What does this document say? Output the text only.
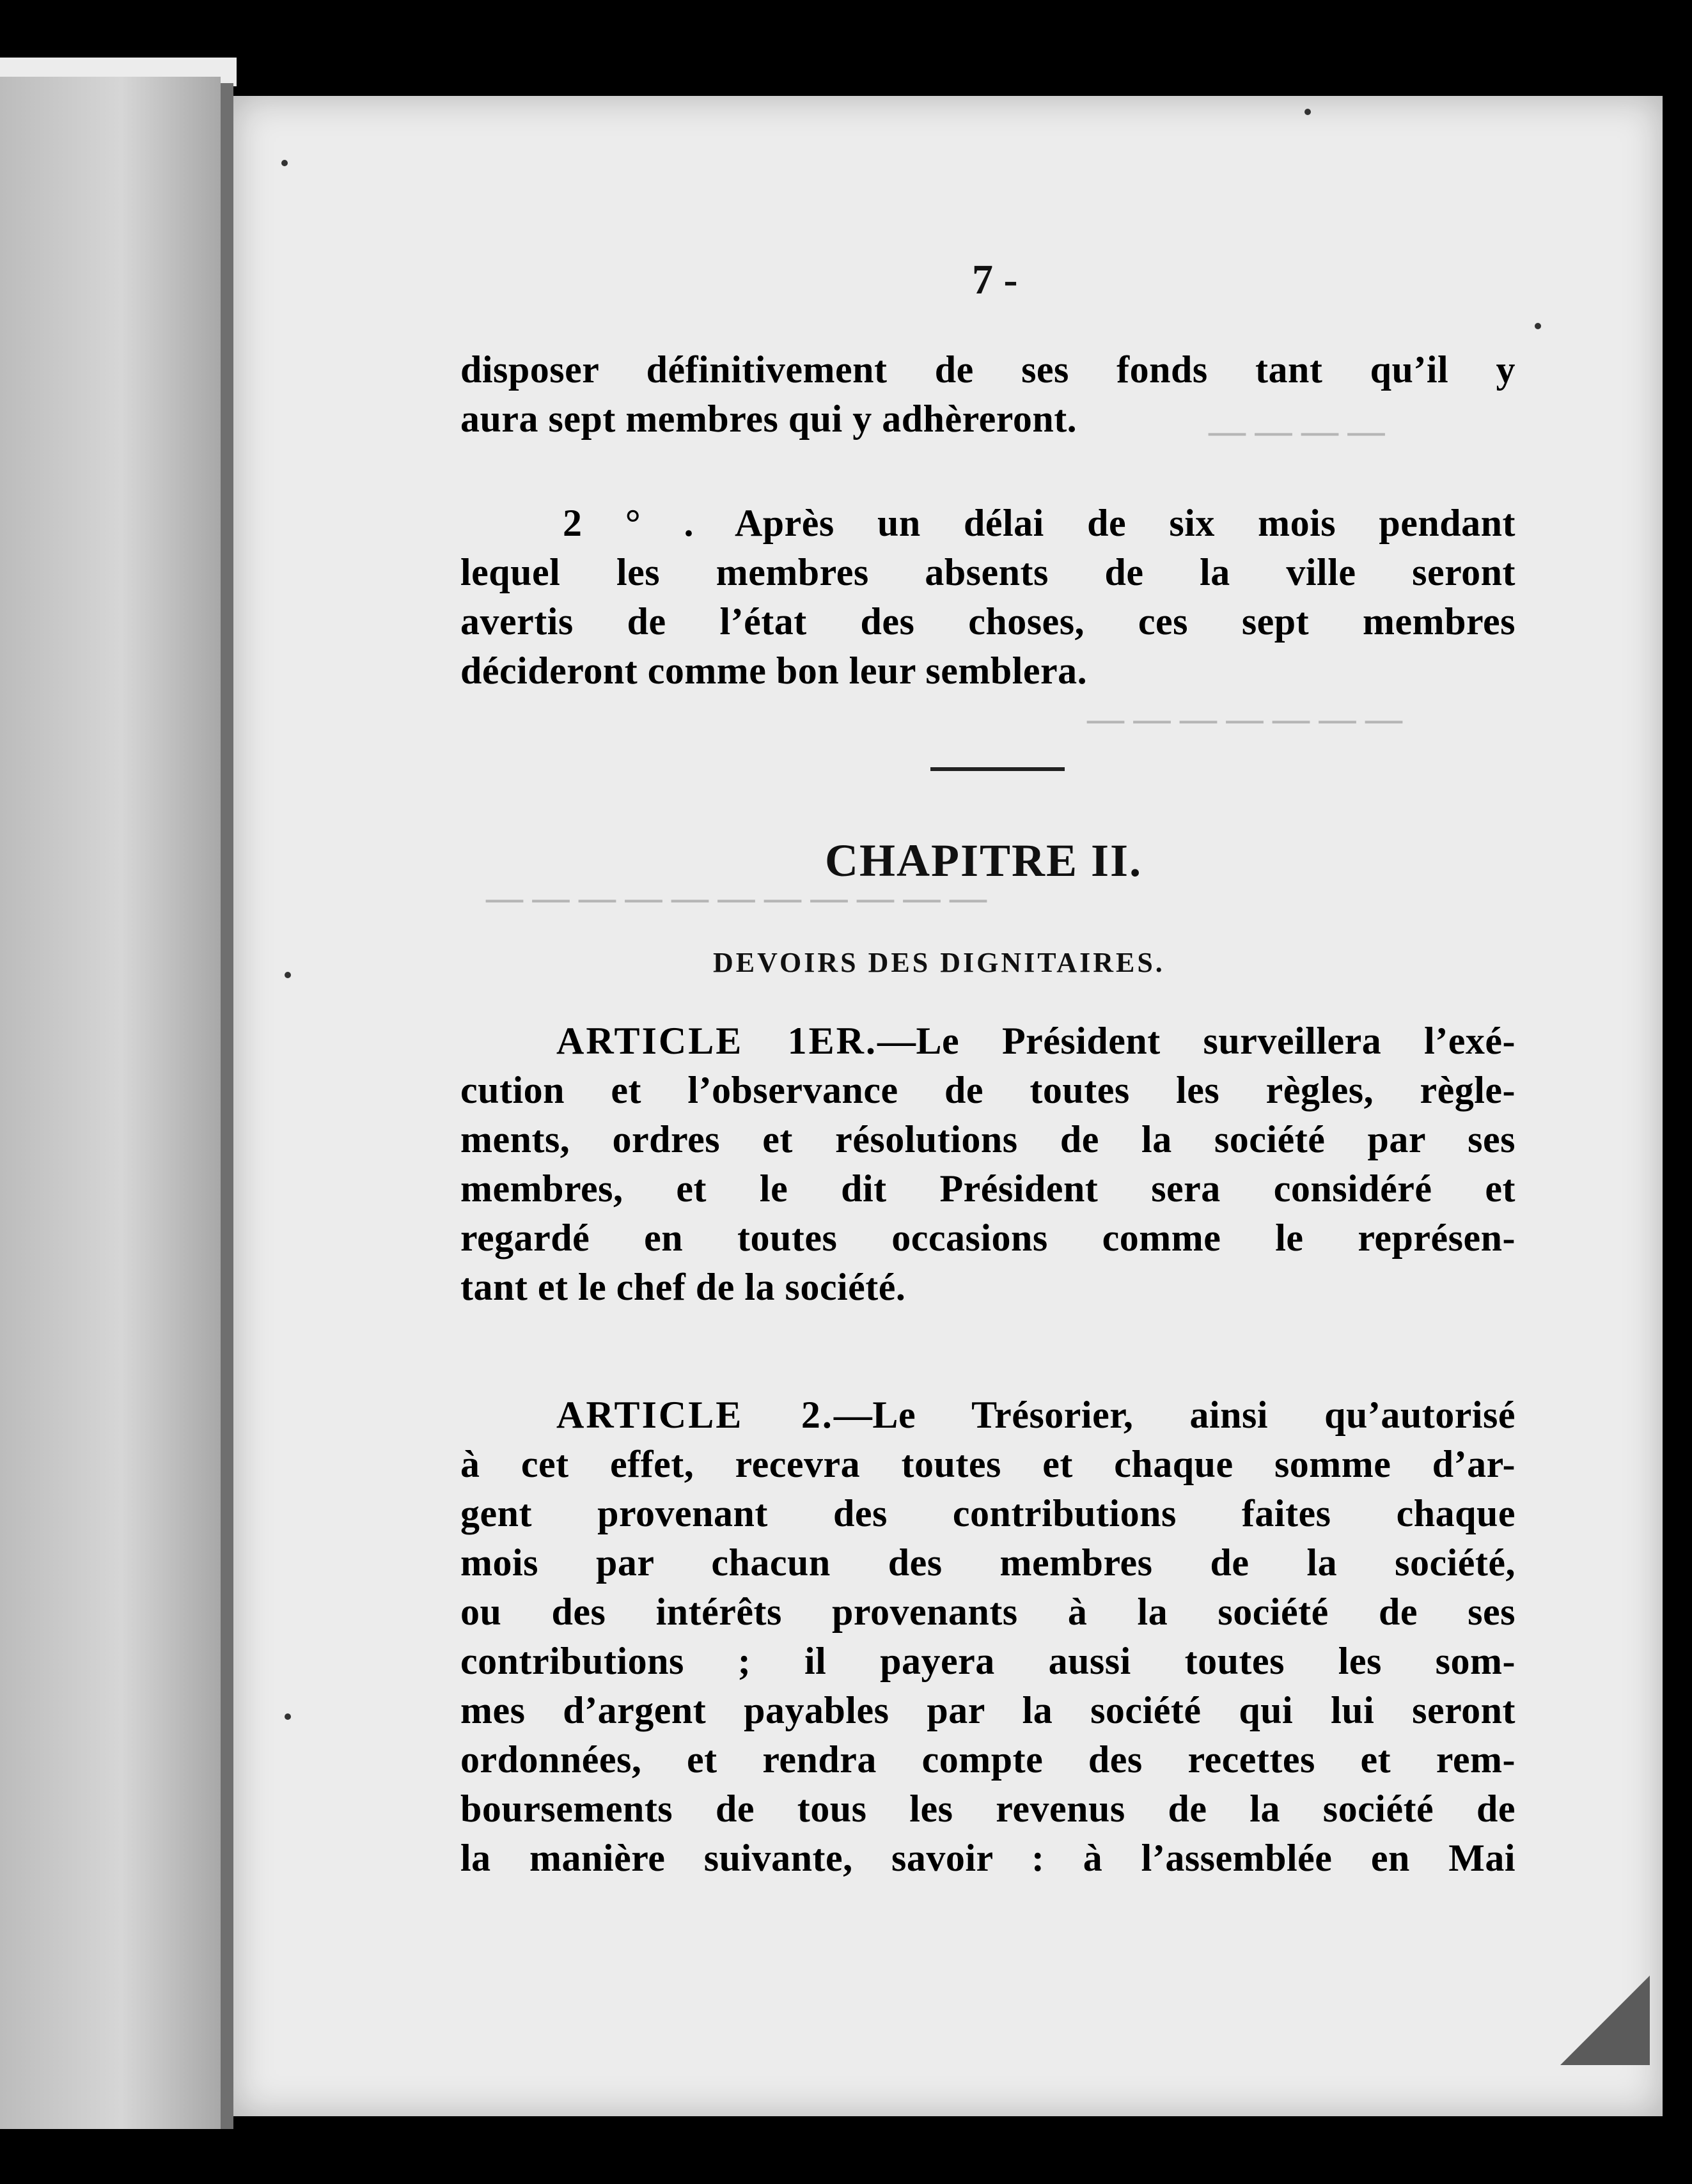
— — — —
— — — — — — —
— — — — — — — — — — —
7 -
disposer définitivement de ses fonds tant qu’il y
aura sept membres qui y adhèreront.
2 ° . Après un délai de six mois pendant
lequel les membres absents de la ville seront
avertis de l’état des choses, ces sept membres
décideront comme bon leur semblera.
CHAPITRE II.
DEVOIRS DES DIGNITAIRES.
ARTICLE 1ER.—Le Président surveillera l’exé-
cution et l’observance de toutes les règles, règle-
ments, ordres et résolutions de la société par ses
membres, et le dit Président sera considéré et
regardé en toutes occasions comme le représen-
tant et le chef de la société.
ARTICLE 2.—Le Trésorier, ainsi qu’autorisé
à cet effet, recevra toutes et chaque somme d’ar-
gent provenant des contributions faites chaque
mois par chacun des membres de la société,
ou des intérêts provenants à la société de ses
contributions ; il payera aussi toutes les som-
mes d’argent payables par la société qui lui seront
ordonnées, et rendra compte des recettes et rem-
boursements de tous les revenus de la société de
la manière suivante, savoir : à l’assemblée en Mai
